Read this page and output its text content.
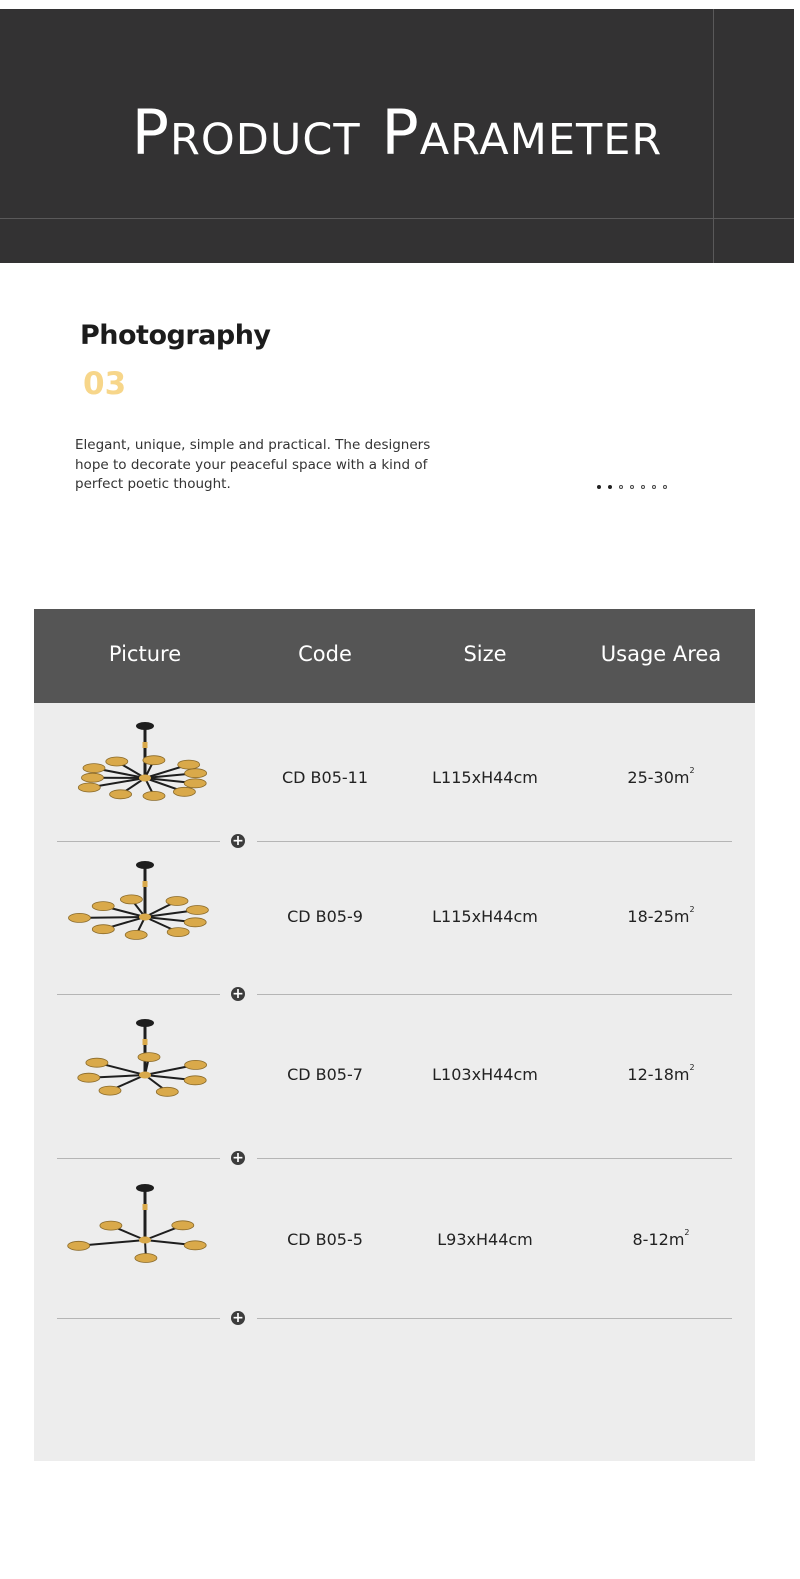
Product Parameter
Photography
03
Elegant, unique, simple and practical. The designers hope to decorate your peaceful space with a kind of perfect poetic thought.
Picture	Code	Size	Usage Area
CD B05-11	L115xH44cm	$25-30m^2$
+
CD B05-9	L115xH44cm	$18-25m^2$
+
CD B05-7	L103xH44cm	$12-18m^2$
+
CD B05-5	L93xH44cm	$8-12m^2$
+
